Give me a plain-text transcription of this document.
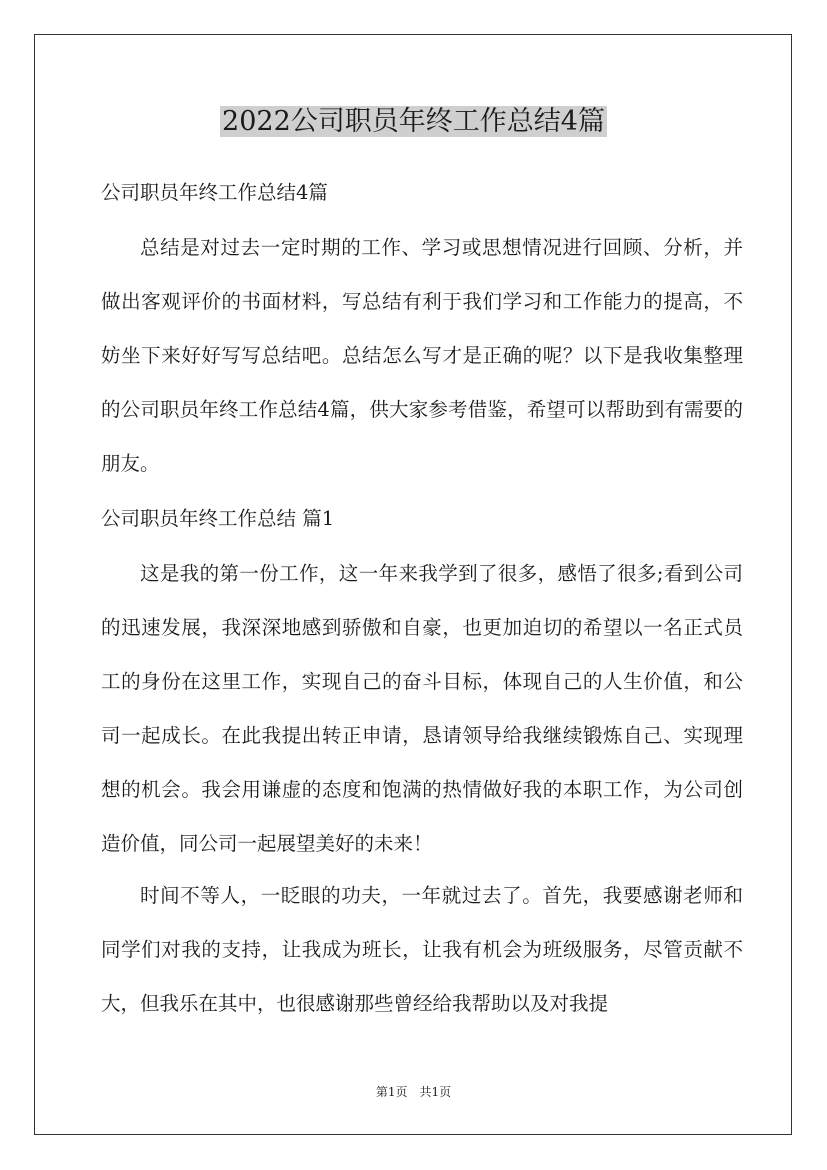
2022公司职员年终工作总结4篇
公司职员年终工作总结4篇
总结是对过去一定时期的工作、学习或思想情况进行回顾、分析，并做出客观评价的书面材料，写总结有利于我们学习和工作能力的提高，不妨坐下来好好写写总结吧。总结怎么写才是正确的呢？以下是我收集整理的公司职员年终工作总结4篇，供大家参考借鉴，希望可以帮助到有需要的朋友。
公司职员年终工作总结 篇1
这是我的第一份工作，这一年来我学到了很多，感悟了很多;看到公司的迅速发展，我深深地感到骄傲和自豪，也更加迫切的希望以一名正式员工的身份在这里工作，实现自己的奋斗目标，体现自己的人生价值，和公司一起成长。在此我提出转正申请，恳请领导给我继续锻炼自己、实现理想的机会。我会用谦虚的态度和饱满的热情做好我的本职工作，为公司创造价值，同公司一起展望美好的未来！
时间不等人，一眨眼的功夫，一年就过去了。首先，我要感谢老师和同学们对我的支持，让我成为班长，让我有机会为班级服务，尽管贡献不大，但我乐在其中，也很感谢那些曾经给我帮助以及对我提
第1页　共1页
